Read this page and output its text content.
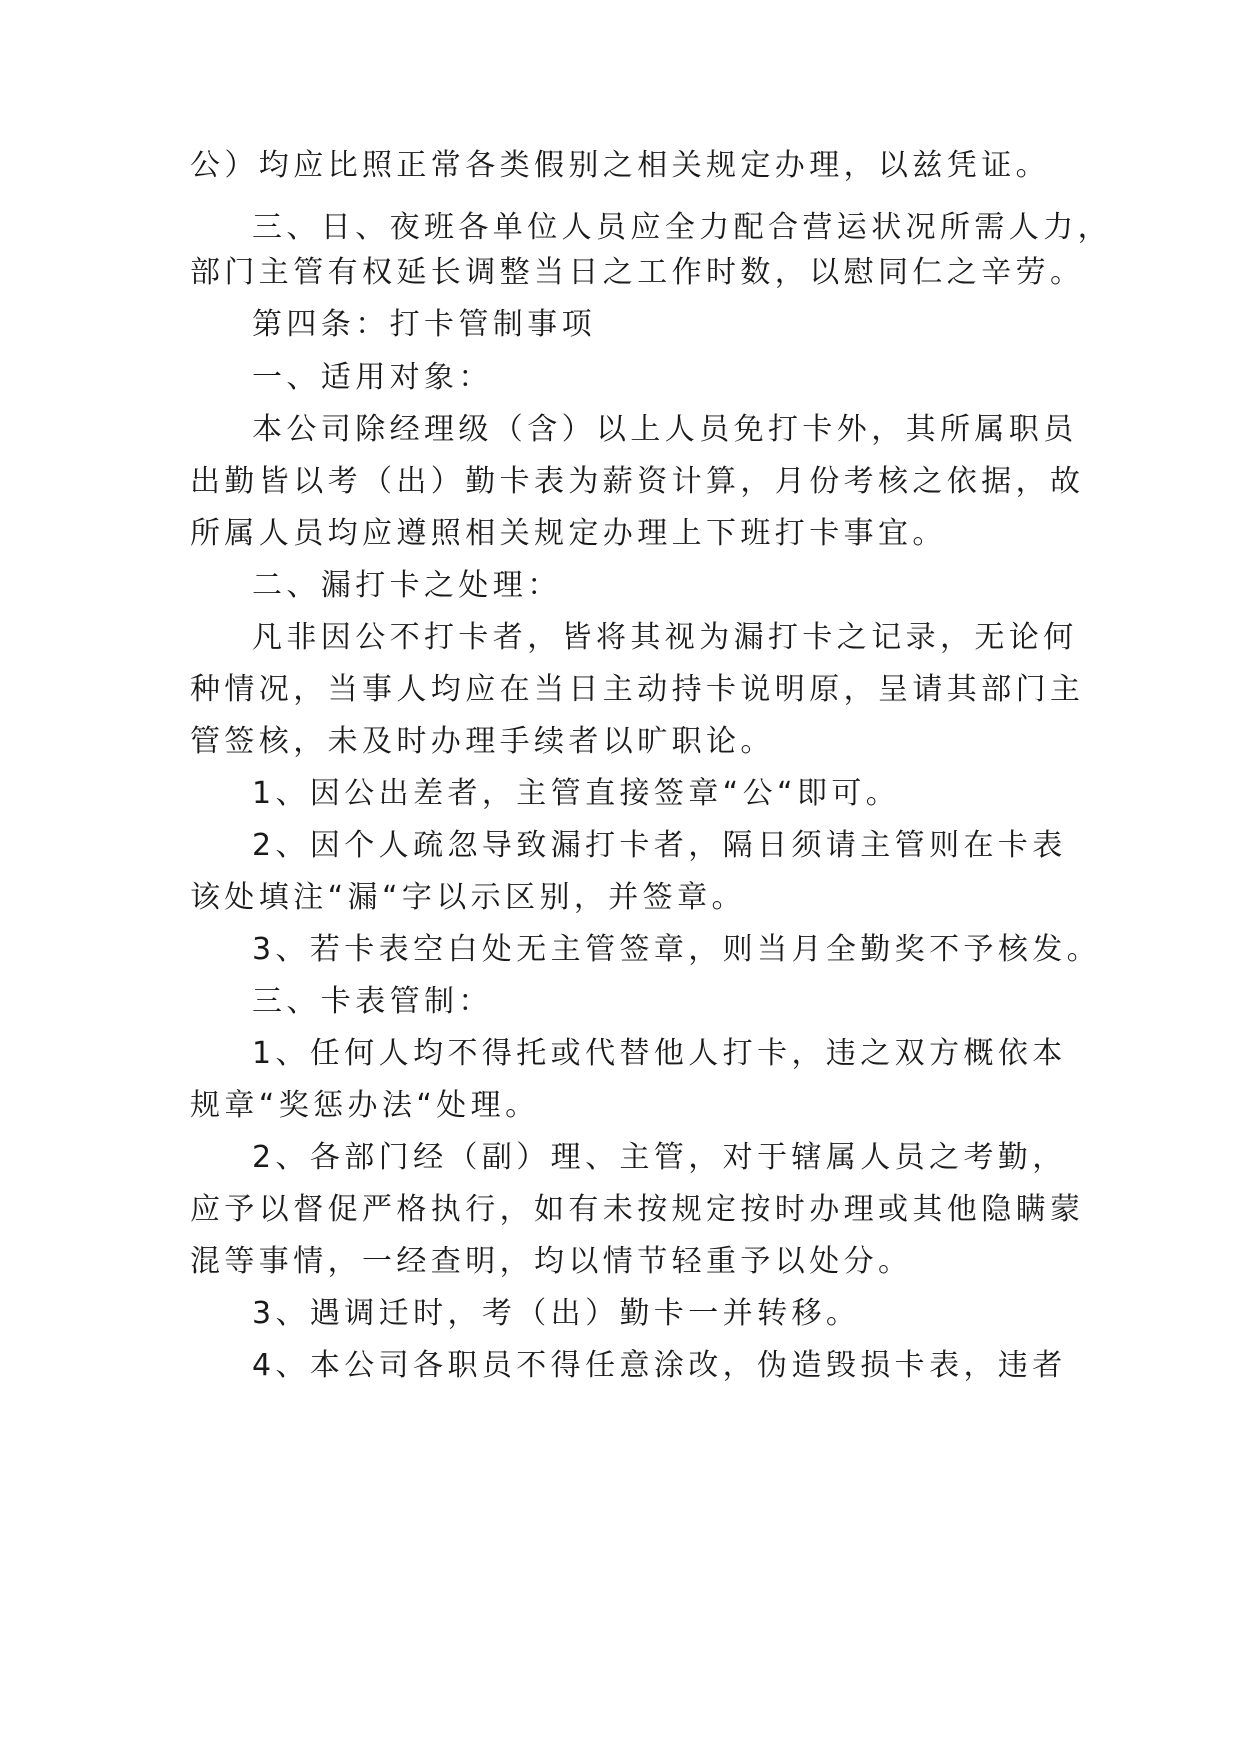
公）均应比照正常各类假别之相关规定办理，以兹凭证。
三、日、夜班各单位人员应全力配合营运状况所需人力，
部门主管有权延长调整当日之工作时数，以慰同仁之辛劳。
第四条：打卡管制事项
一、适用对象：
本公司除经理级（含）以上人员免打卡外，其所属职员
出勤皆以考（出）勤卡表为薪资计算，月份考核之依据，故
所属人员均应遵照相关规定办理上下班打卡事宜。
二、漏打卡之处理：
凡非因公不打卡者，皆将其视为漏打卡之记录，无论何
种情况，当事人均应在当日主动持卡说明原，呈请其部门主
管签核，未及时办理手续者以旷职论。
1、因公出差者，主管直接签章“公“即可。
2、因个人疏忽导致漏打卡者，隔日须请主管则在卡表
该处填注“漏“字以示区别，并签章。
3、若卡表空白处无主管签章，则当月全勤奖不予核发。
三、卡表管制：
1、任何人均不得托或代替他人打卡，违之双方概依本
规章“奖惩办法“处理。
2、各部门经（副）理、主管，对于辖属人员之考勤，
应予以督促严格执行，如有未按规定按时办理或其他隐瞒蒙
混等事情，一经查明，均以情节轻重予以处分。
3、遇调迁时，考（出）勤卡一并转移。
4、本公司各职员不得任意涂改，伪造毁损卡表，违者
